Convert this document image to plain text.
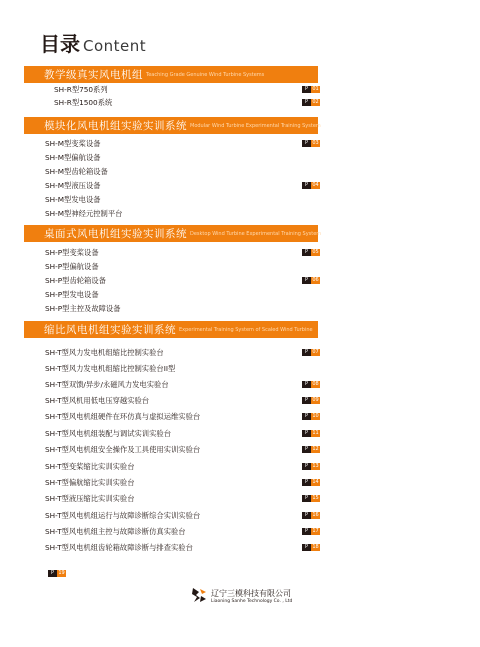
目录 Content
教学级真实风电机组 Teaching Grade Genuine Wind Turbine Systems
SH-R型750系列	P 01
SH-R型1500系统	P 02
模块化风电机组实验实训系统 Modular Wind Turbine Experimental Training System
SH-M型变桨设备	P 03
SH-M型偏航设备
SH-M型齿轮箱设备
SH-M型液压设备	P 04
SH-M型发电设备
SH-M型神经元控制平台
桌面式风电机组实验实训系统 Desktop Wind Turbine Experimental Training System
SH-P型变桨设备	P 05
SH-P型偏航设备
SH-P型齿轮箱设备	P 06
SH-P型发电设备
SH-P型主控及故障设备
缩比风电机组实验实训系统 Experimental Training System of Scaled Wind Turbine
SH-T型风力发电机组缩比控制实验台	P 07
SH-T型风力发电机组缩比控制实验台II型
SH-T型双馈/异步/永磁风力发电实验台	P 08
SH-T型风机用低电压穿越实验台	P 09
SH-T型风电机组硬件在环仿真与虚拟运维实验台	P 10
SH-T型风电机组装配与调试实训实验台	P 11
SH-T型风电机组安全操作及工具使用实训实验台	P 12
SH-T型变桨缩比实训实验台	P 13
SH-T型偏航缩比实训实验台	P 14
SH-T型液压缩比实训实验台	P 15
SH-T型风电机组运行与故障诊断综合实训实验台	P 16
SH-T型风电机组主控与故障诊断仿真实验台	P 17
SH-T型风电机组齿轮箱故障诊断与排查实验台	P 18
P 19
辽宁三模科技有限公司
Liaoning Sanhe Technology Co. , Ltd
